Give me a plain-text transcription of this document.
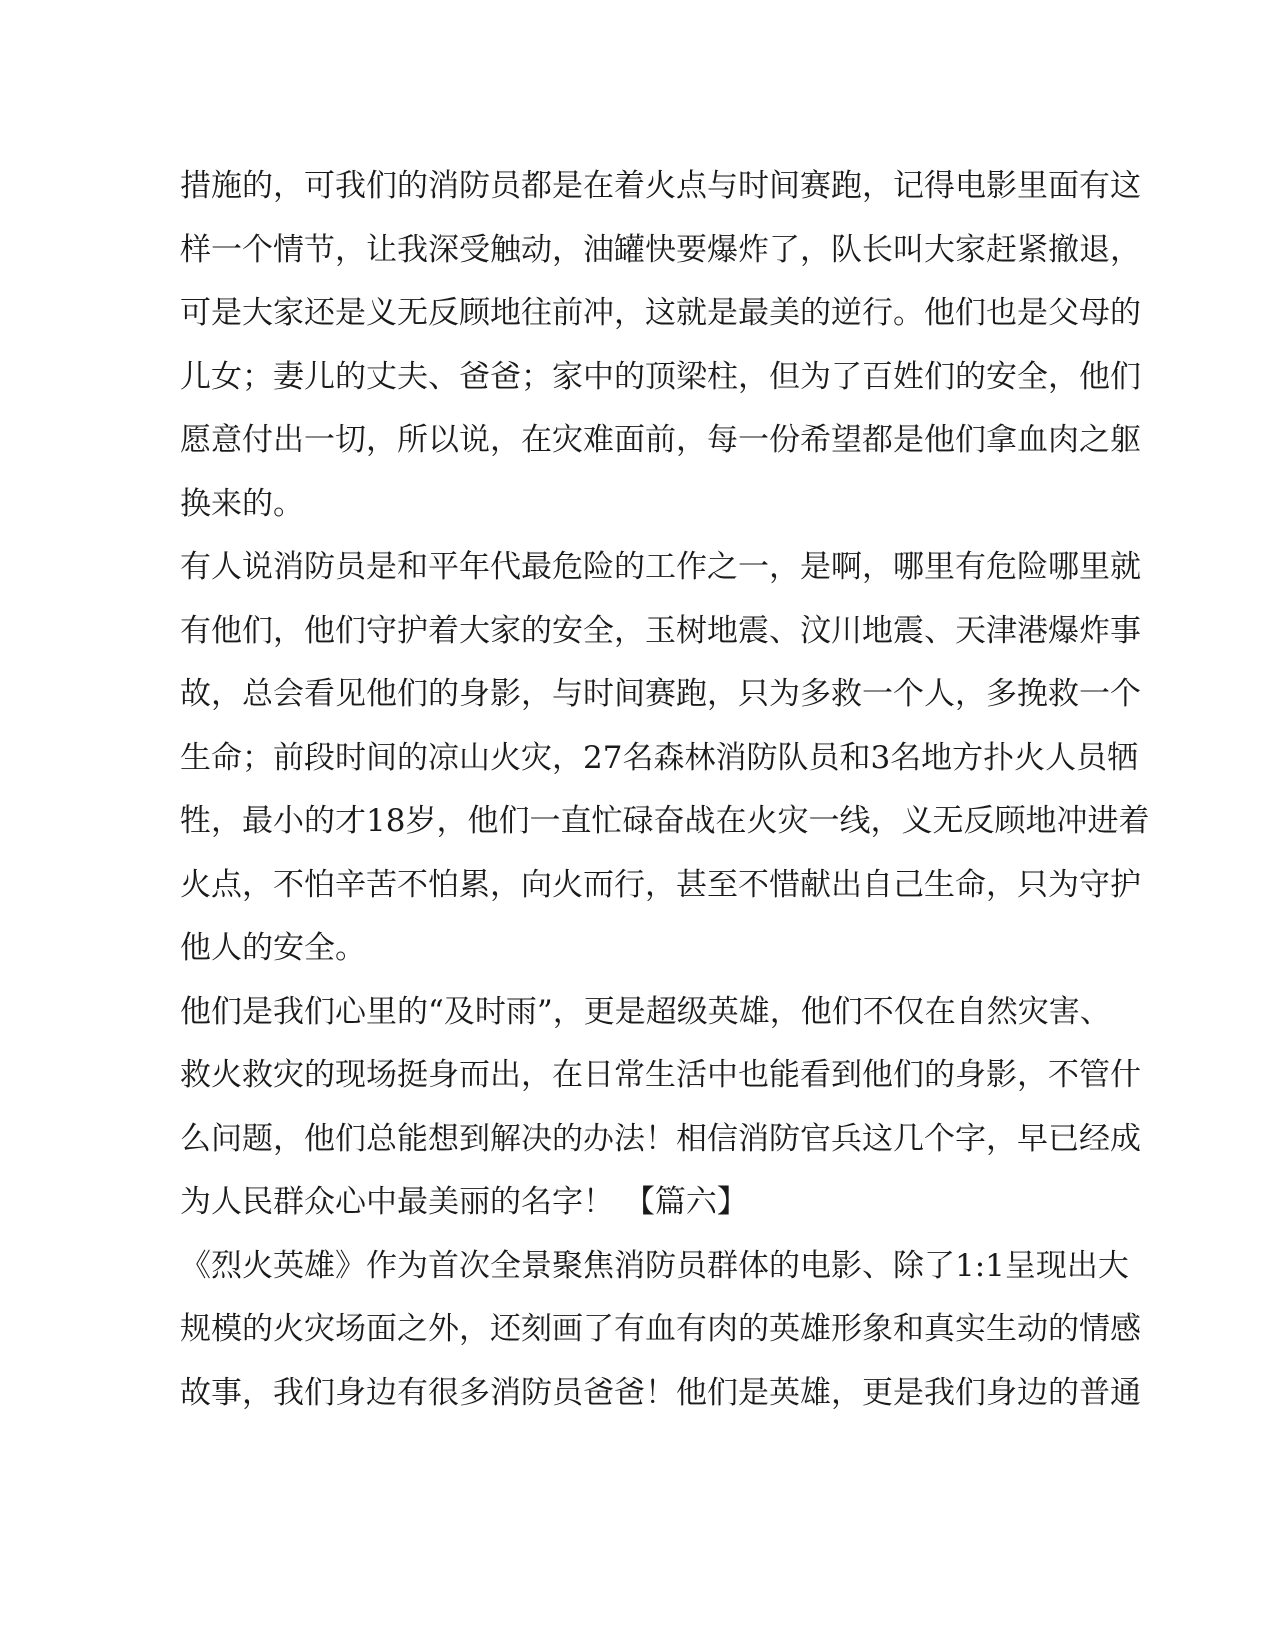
措施的，可我们的消防员都是在着火点与时间赛跑，记得电影里面有这
样一个情节，让我深受触动，油罐快要爆炸了，队长叫大家赶紧撤退，
可是大家还是义无反顾地往前冲，这就是最美的逆行。他们也是父母的
儿女；妻儿的丈夫、爸爸；家中的顶梁柱，但为了百姓们的安全，他们
愿意付出一切，所以说，在灾难面前，每一份希望都是他们拿血肉之躯
换来的。
有人说消防员是和平年代最危险的工作之一，是啊，哪里有危险哪里就
有他们，他们守护着大家的安全，玉树地震、汶川地震、天津港爆炸事
故，总会看见他们的身影，与时间赛跑，只为多救一个人，多挽救一个
生命；前段时间的凉山火灾，27名森林消防队员和3名地方扑火人员牺
牲，最小的才18岁，他们一直忙碌奋战在火灾一线，义无反顾地冲进着
火点，不怕辛苦不怕累，向火而行，甚至不惜献出自己生命，只为守护
他人的安全。
他们是我们心里的“及时雨”，更是超级英雄，他们不仅在自然灾害、
救火救灾的现场挺身而出，在日常生活中也能看到他们的身影，不管什
么问题，他们总能想到解决的办法！相信消防官兵这几个字，早已经成
为人民群众心中最美丽的名字！ 【篇六】
《烈火英雄》作为首次全景聚焦消防员群体的电影、除了1:1呈现出大
规模的火灾场面之外，还刻画了有血有肉的英雄形象和真实生动的情感
故事，我们身边有很多消防员爸爸！他们是英雄，更是我们身边的普通
